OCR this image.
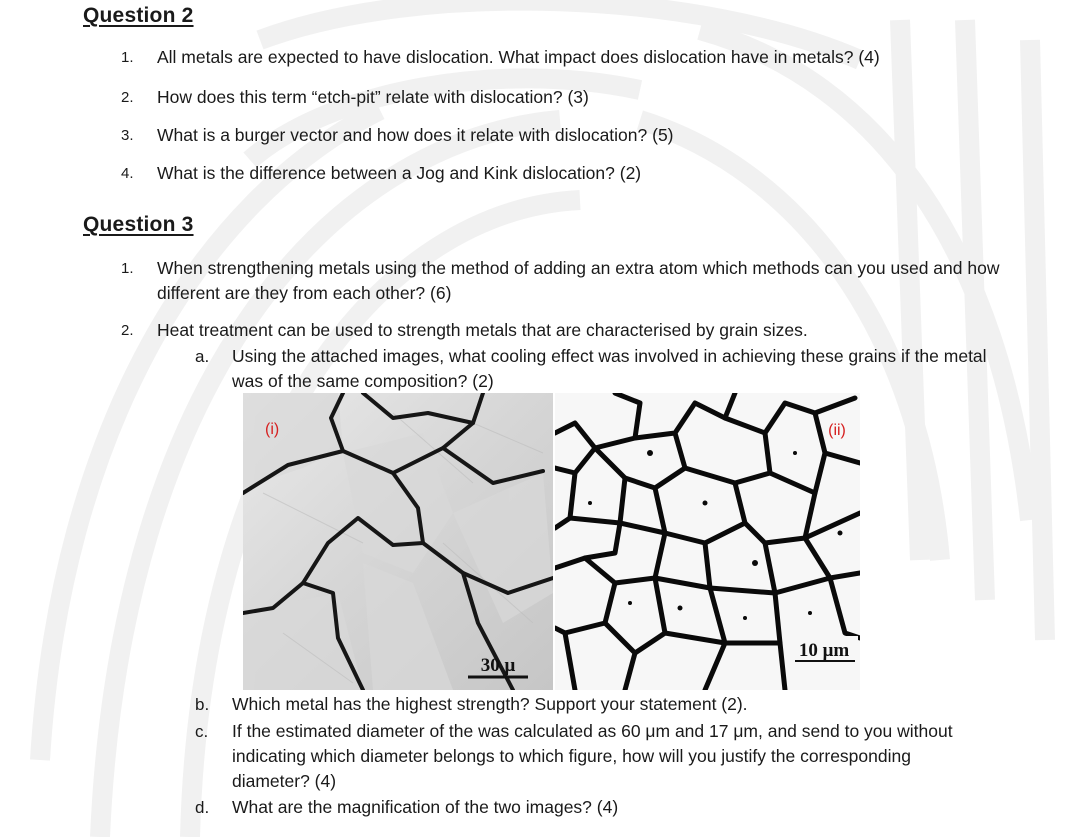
Question 2
1.	All metals are expected to have dislocation. What impact does dislocation have in metals? (4)
2.	How does this term “etch-pit” relate with dislocation? (3)
3.	What is a burger vector and how does it relate with dislocation? (5)
4.	What is the difference between a Jog and Kink dislocation? (2)
Question 3
1.	When strengthening metals using the method of adding an extra atom which methods can you used and how different are they from each other? (6)
2.	Heat treatment can be used to strength metals that are characterised by grain sizes.
a.	Using the attached images, what cooling effect was involved in achieving these grains if the metal was of the same composition? (2)
(i)
30 μ
(ii)
10 μm
b.	Which metal has the highest strength? Support your statement (2).
c.	If the estimated diameter of the was calculated as 60 μm and 17 μm, and send to you without indicating which diameter belongs to which figure, how will you justify the corresponding diameter? (4)
d.	What are the magnification of the two images? (4)
